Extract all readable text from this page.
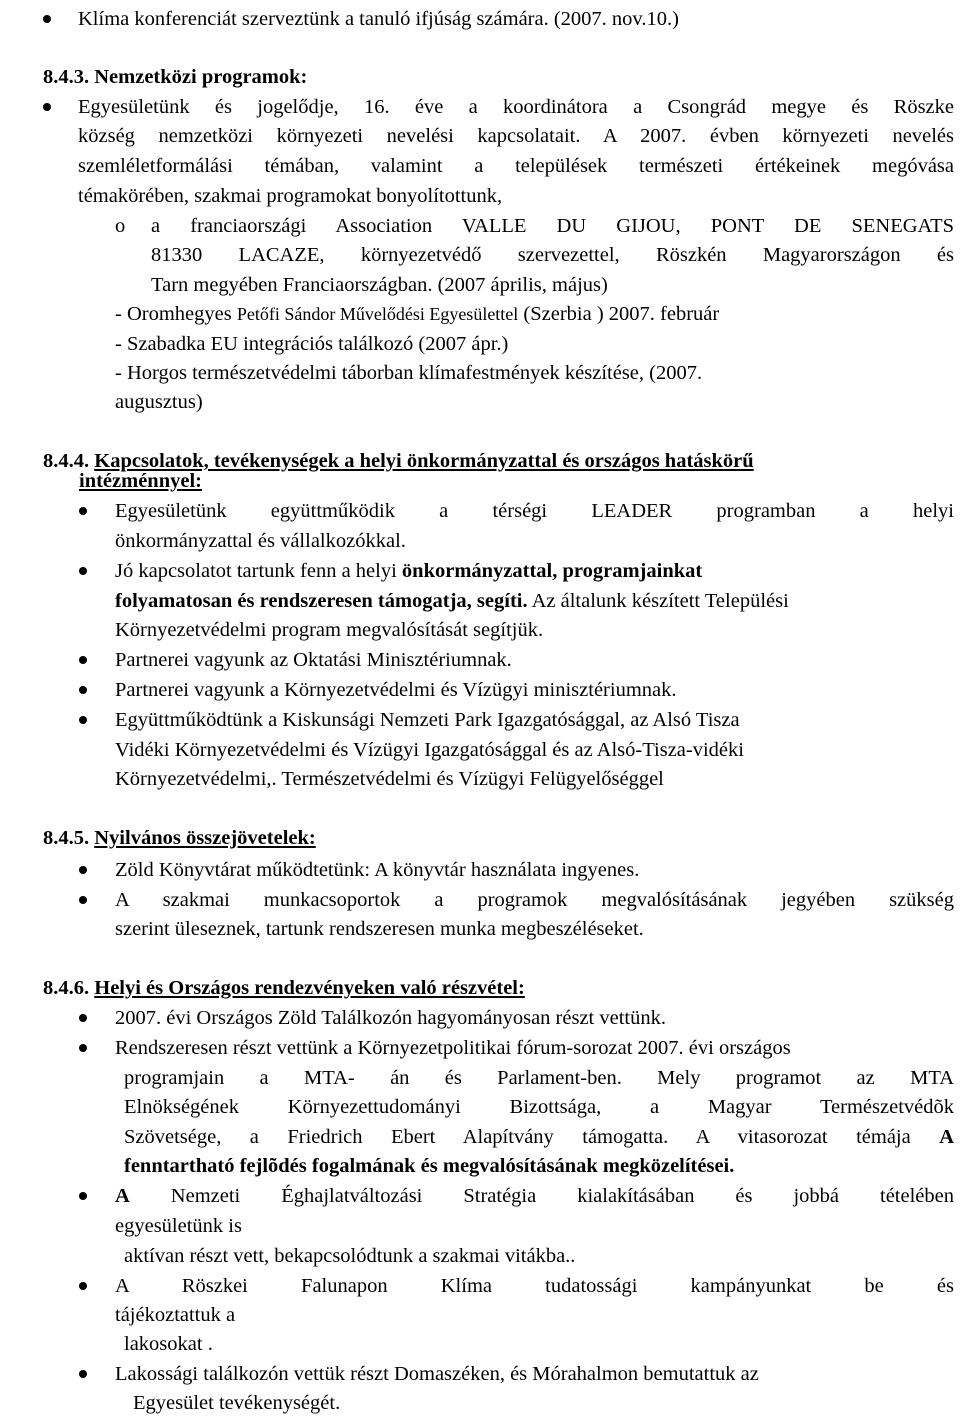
Klíma konferenciát szerveztünk a tanuló ifjúság számára. (2007. nov.10.)
8.4.3. Nemzetközi programok:
Egyesületünk és jogelődje, 16. éve a koordinátora a Csongrád megye és Röszke
község nemzetközi környezeti nevelési kapcsolatait. A 2007. évben környezeti nevelés
szemléletformálási témában, valamint a települések természeti értékeinek megóvása
témakörében, szakmai programokat bonyolítottunk,
o a franciaországi Association VALLE DU GIJOU, PONT DE SENEGATS
81330 LACAZE, környezetvédő szervezettel, Röszkén Magyarországon és
Tarn megyében Franciaországban. (2007 április, május)
- Oromhegyes Petőfi Sándor Művelődési Egyesülettel (Szerbia ) 2007. február
- Szabadka EU integrációs találkozó (2007 ápr.)
- Horgos természetvédelmi táborban klímafestmények készítése, (2007.
augusztus)
8.4.4. Kapcsolatok, tevékenységek a helyi önkormányzattal és országos hatáskörű
intézménnyel:
Egyesületünk együttműködik a térségi LEADER programban a helyi
önkormányzattal és vállalkozókkal.
Jó kapcsolatot tartunk fenn a helyi önkormányzattal, programjainkat
folyamatosan és rendszeresen támogatja, segíti. Az általunk készített Települési
Környezetvédelmi program megvalósítását segítjük.
Partnerei vagyunk az Oktatási Minisztériumnak.
Partnerei vagyunk a Környezetvédelmi és Vízügyi minisztériumnak.
Együttműködtünk a Kiskunsági Nemzeti Park Igazgatósággal, az Alsó Tisza
Vidéki Környezetvédelmi és Vízügyi Igazgatósággal és az Alsó-Tisza-vidéki
Környezetvédelmi,. Természetvédelmi és Vízügyi Felügyelőséggel
8.4.5. Nyilvános összejövetelek:
Zöld Könyvtárat működtetünk: A könyvtár használata ingyenes.
A szakmai munkacsoportok a programok megvalósításának jegyében szükség
szerint üleseznek, tartunk rendszeresen munka megbeszéléseket.
8.4.6. Helyi és Országos rendezvényeken való részvétel:
2007. évi Országos Zöld Találkozón hagyományosan részt vettünk.
Rendszeresen részt vettünk a Környezetpolitikai fórum-sorozat 2007. évi országos
programjain a MTA- án és Parlament-ben. Mely programot az MTA
Elnökségének Környezettudományi Bizottsága, a Magyar Természetvédõk
Szövetsége, a Friedrich Ebert Alapítvány támogatta. A vitasorozat témája A
fenntartható fejlõdés fogalmának és megvalósításának megközelítései.
A Nemzeti Éghajlatváltozási Stratégia kialakításában és jobbá tételében
egyesületünk is
aktívan részt vett, bekapcsolódtunk a szakmai vitákba..
A Röszkei Falunapon Klíma tudatossági kampányunkat be és
tájékoztattuk a
lakosokat .
Lakossági találkozón vettük részt Domaszéken, és Mórahalmon bemutattuk az
Egyesület tevékenységét.
